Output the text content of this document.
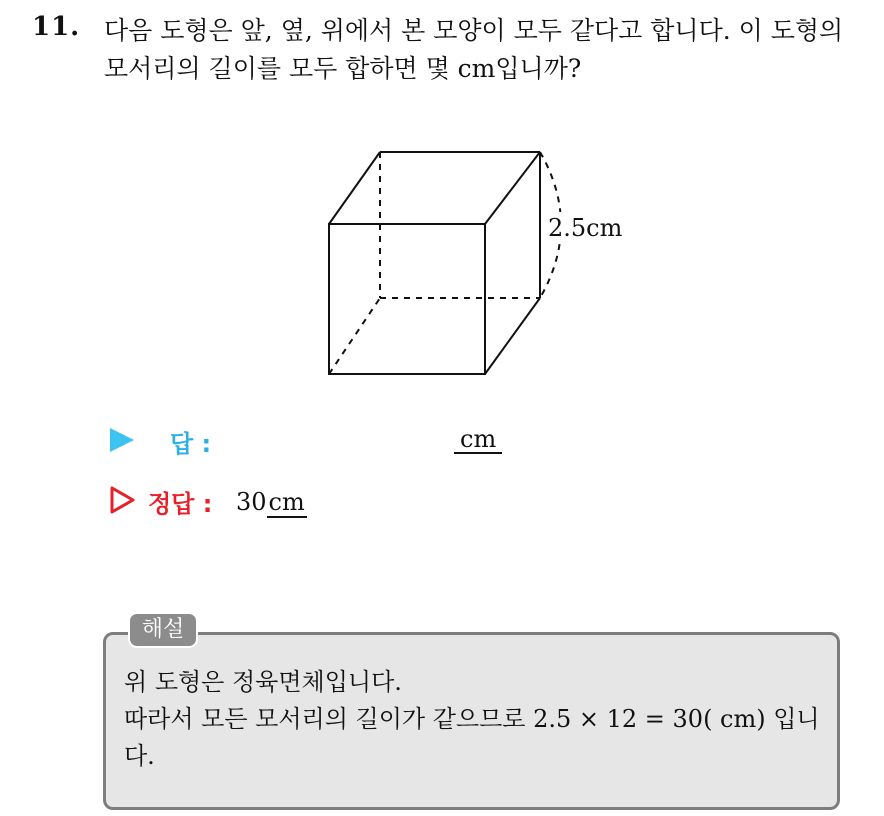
11. 다음 도형은 앞, 옆, 위에서 본 모양이 모두 같다고 합니다. 이 도형의
모서리의 길이를 모두 합하면 몇 cm입니까?
2.5cm
답 :	cm
정답 : 30cm
해설
위 도형은 정육면체입니다.
따라서 모든 모서리의 길이가 같으므로 2.5 × 12 = 30( cm) 입니
다.
